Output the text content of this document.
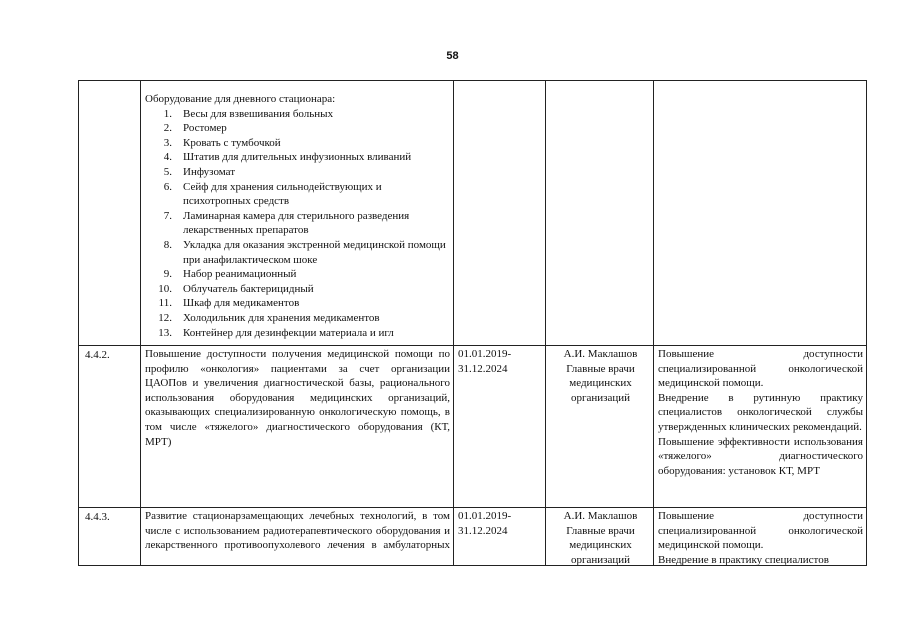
58

Оборудование для дневного стационара:

1. Весы для взвешивания больных
2. Ростомер
3. Кровать с тумбочкой
4. Штатив для длительных инфузионных вливаний
5. Инфузомат
6. Сейф для хранения сильнодействующих и психотропных средств
7. Ламинарная камера для стерильного разведения лекарственных препаратов
8. Укладка для оказания экстренной медицинской помощи при анафилактическом шоке
9. Набор реанимационный
10. Облучатель бактерицидный
11. Шкаф для медикаментов
12. Холодильник для хранения медикаментов
13. Контейнер для дезинфекции материала и игл
4.4.2.	Повышение доступности получения медицинской помощи по профилю «онкология» пациентами за счет организации ЦАОПов и увеличения диагностической базы, рационального использования оборудования медицинских организаций, оказывающих специализированную онкологическую помощь, в том числе «тяжелого» диагностического оборудования (КТ, МРТ)

01.01.2019-
31.12.2024
А.И. Маклашов
Главные врачи медицинских организаций

Повышение доступности специализированной онкологической медицинской помощи.

Внедрение в рутинную практику специалистов онкологической службы утвержденных клинических рекомендаций.

Повышение эффективности использования «тяжелого» диагностического оборудования: установок КТ, МРТ

4.4.3.	Развитие стационарзамещающих лечебных технологий, в том числе с использованием радиотерапевтического оборудования и лекарственного противоопухолевого лечения в амбулаторных

01.01.2019-
31.12.2024
А.И. Маклашов
Главные врачи медицинских организаций

Повышение доступности специализированной онкологической медицинской помощи.

Внедрение в практику специалистов
